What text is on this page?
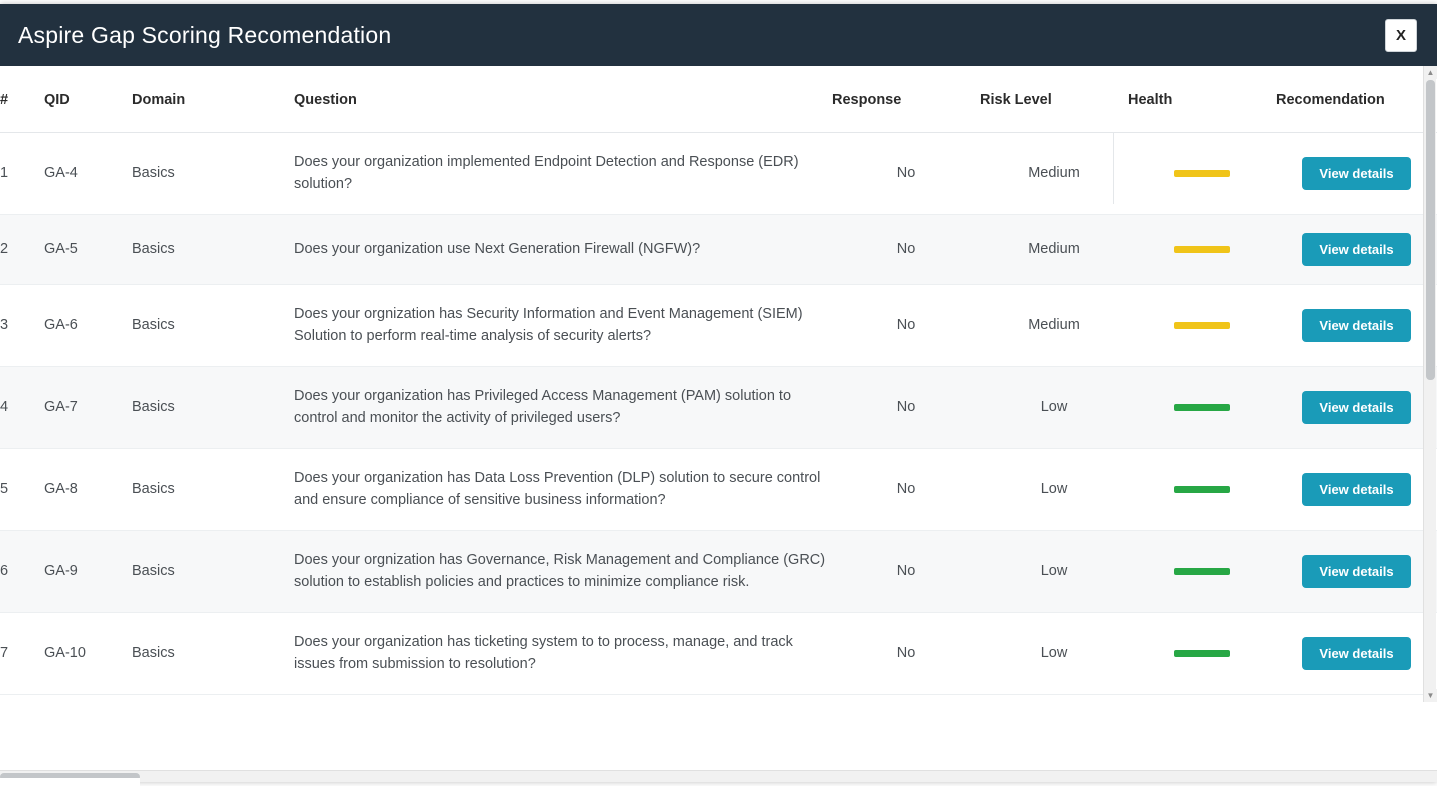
Aspire Gap Scoring Recomendation	X
#	QID	Domain	Question	Response	Risk Level	Health	Recomendation
1	GA-4	Basics	Does your organization implemented Endpoint Detection and Response (EDR) solution?	No	Medium		View details
2	GA-5	Basics	Does your organization use Next Generation Firewall (NGFW)?	No	Medium		View details
3	GA-6	Basics	Does your orgnization has Security Information and Event Management (SIEM) Solution to perform real-time analysis of security alerts?	No	Medium		View details
4	GA-7	Basics	Does your organization has Privileged Access Management (PAM) solution to control and monitor the activity of privileged users?	No	Low		View details
5	GA-8	Basics	Does your organization has Data Loss Prevention (DLP) solution to secure control and ensure compliance of sensitive business information?	No	Low		View details
6	GA-9	Basics	Does your orgnization has Governance, Risk Management and Compliance (GRC) solution to establish policies and practices to minimize compliance risk.	No	Low		View details
7	GA-10	Basics	Does your organization has ticketing system to to process, manage, and track issues from submission to resolution?	No	Low		View details
▲
▼
